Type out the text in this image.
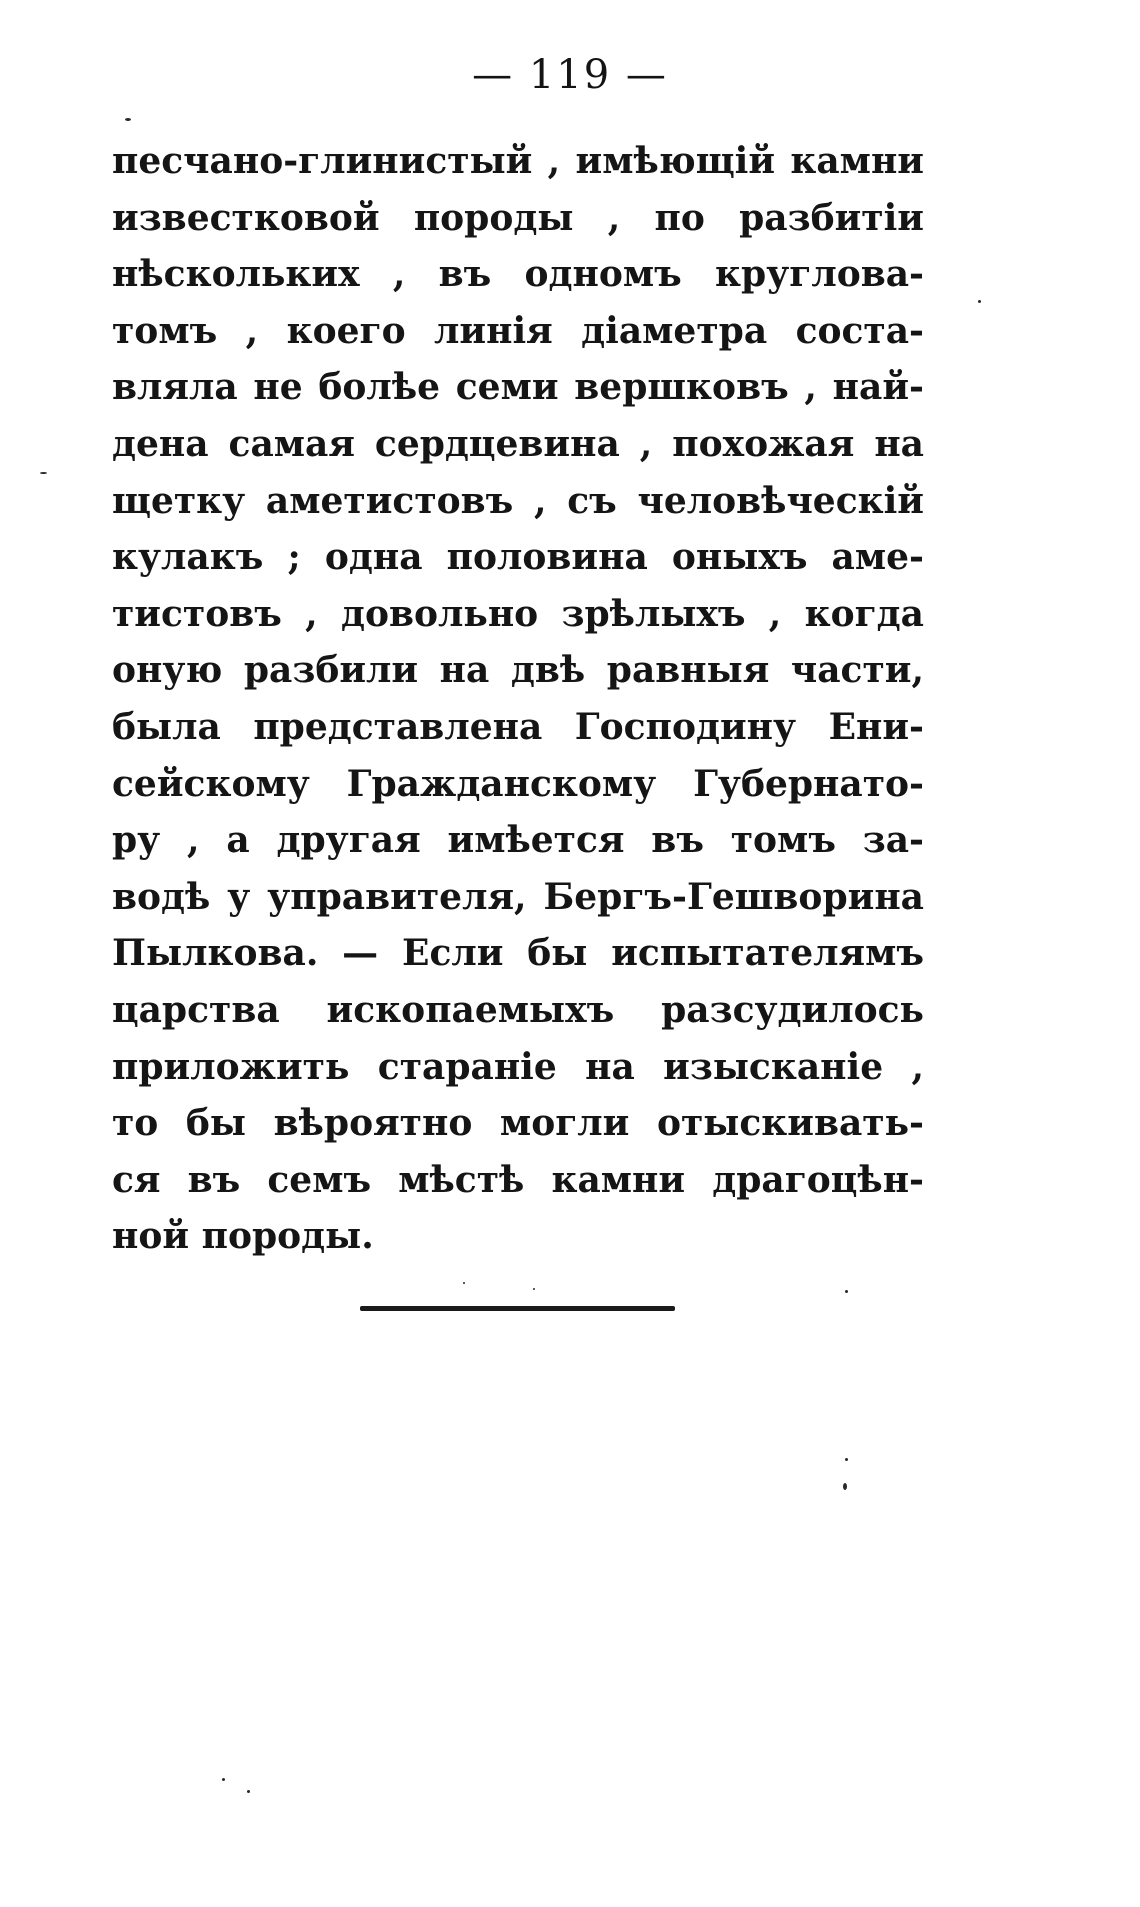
— 119 —
песчано-глинистый , имѣющій камни
известковой породы , по разбитіи
нѣскольких , въ одномъ круглова-
томъ , коего линія діаметра соста-
вляла не болѣе семи вершковъ , най-
дена самая сердцевина , похожая на
щетку аметистовъ , съ человѣческій
кулакъ ; одна половина оныхъ аме-
тистовъ , довольно зрѣлыхъ , когда
оную разбили на двѣ равныя части,
была представлена Господину Ени-
сейскому Гражданскому Губернато-
ру , а другая имѣется въ томъ за-
водѣ у управителя, Бергъ-Гешворина
Пылкова. — Если бы испытателямъ
царства ископаемыхъ разсудилось
приложить стараніе на изысканіе ,
то бы вѣроятно могли отыскивать-
ся въ семъ мѣстѣ камни драгоцѣн-
ной породы.
